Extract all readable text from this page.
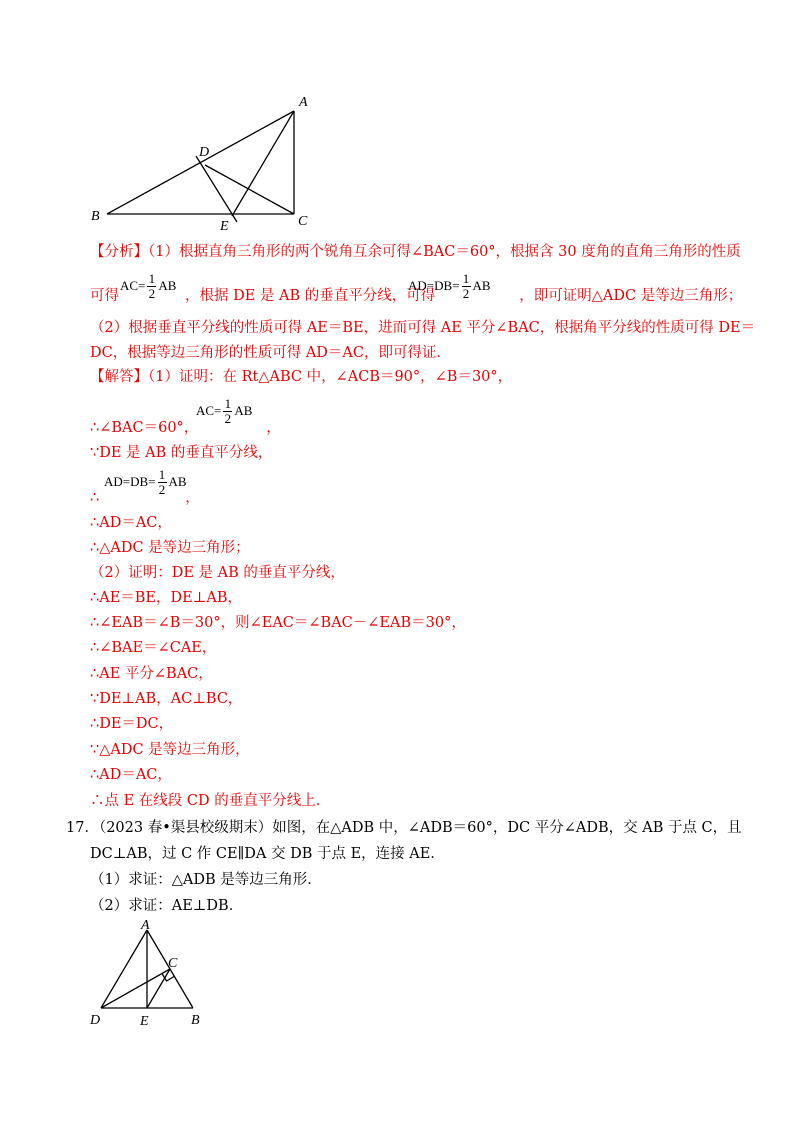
A
B	C
D
E
【分析】（1）根据直角三角形的两个锐角互余可得∠BAC＝60°，根据含 30 度角的直角三角形的性质
可得	，根据 DE 是 AB 的垂直平分线，可得	，即可证明△ADC 是等边三角形；
AC= 1
2 AB	AD=DB= 1
2 AB
（2）根据垂直平分线的性质可得 AE＝BE，进而可得 AE 平分∠BAC，根据角平分线的性质可得 DE＝
DC，根据等边三角形的性质可得 AD＝AC，即可得证．
【解答】（1）证明：在 Rt△ABC 中，∠ACB＝90°，∠B＝30°，
∴∠BAC＝60°，	，
AC= 1
2 AB
∵DE 是 AB 的垂直平分线，
∴	，
AD=DB= 1
2 AB
∴AD＝AC，
∴△ADC 是等边三角形；
（2）证明：DE 是 AB 的垂直平分线，
∴AE＝BE，DE⊥AB，
∴∠EAB＝∠B＝30°，则∠EAC＝∠BAC－∠EAB＝30°，
∴∠BAE＝∠CAE，
∴AE 平分∠BAC，
∵DE⊥AB，AC⊥BC，
∴DE＝DC，
∵△ADC 是等边三角形，
∴AD＝AC，
∴点 E 在线段 CD 的垂直平分线上．
17．（2023 春•渠县校级期末）如图，在△ADB 中，∠ADB＝60°，DC 平分∠ADB，交 AB 于点 C，且
DC⊥AB，过 C 作 CE∥DA 交 DB 于点 E，连接 AE．
（1）求证：△ADB 是等边三角形．
（2）求证：AE⊥DB．
A
B
C
D	E
